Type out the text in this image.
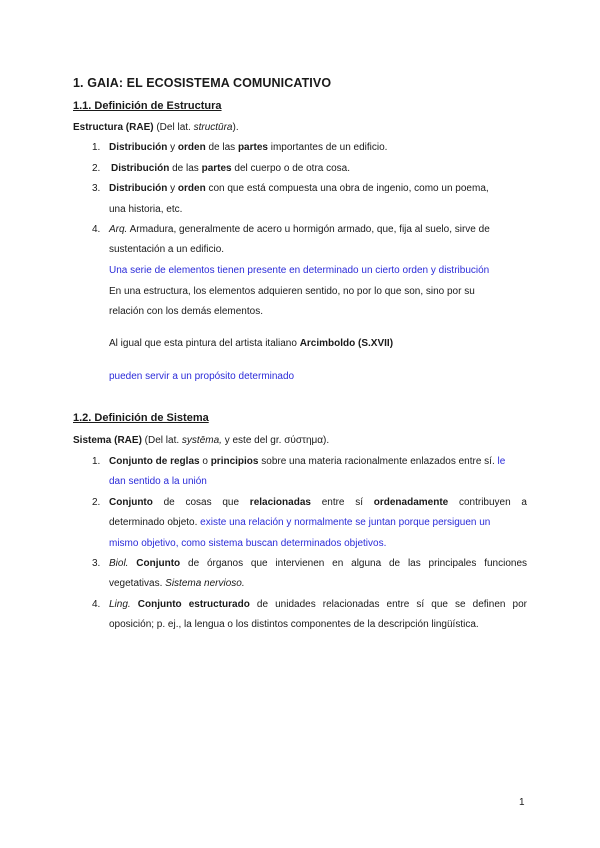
1. GAIA: EL ECOSISTEMA COMUNICATIVO
1.1. Definición de Estructura
Estructura (RAE) (Del lat. structūra).
1. Distribución y orden de las partes importantes de un edificio.
2. Distribución de las partes del cuerpo o de otra cosa.
3. Distribución y orden con que está compuesta una obra de ingenio, como un poema,
una historia, etc.
4. Arq. Armadura, generalmente de acero u hormigón armado, que, fija al suelo, sirve de
sustentación a un edificio.
Una serie de elementos tienen presente en determinado un cierto orden y distribución
En una estructura, los elementos adquieren sentido, no por lo que son, sino por su
relación con los demás elementos.
Al igual que esta pintura del artista italiano Arcimboldo (S.XVII)
pueden servir a un propósito determinado
1.2. Definición de Sistema
Sistema (RAE) (Del lat. systēma, y este del gr. σύστημα).
1. Conjunto de reglas o principios sobre una materia racionalmente enlazados entre sí. le
dan sentido a la unión
2. Conjunto de cosas que relacionadas entre sí ordenadamente contribuyen a
determinado objeto. existe una relación y normalmente se juntan porque persiguen un
mismo objetivo, como sistema buscan determinados objetivos.
3. Biol. Conjunto de órganos que intervienen en alguna de las principales funciones
vegetativas. Sistema nervioso.
4. Ling. Conjunto estructurado de unidades relacionadas entre sí que se definen por
oposición; p. ej., la lengua o los distintos componentes de la descripción lingüística.
1
